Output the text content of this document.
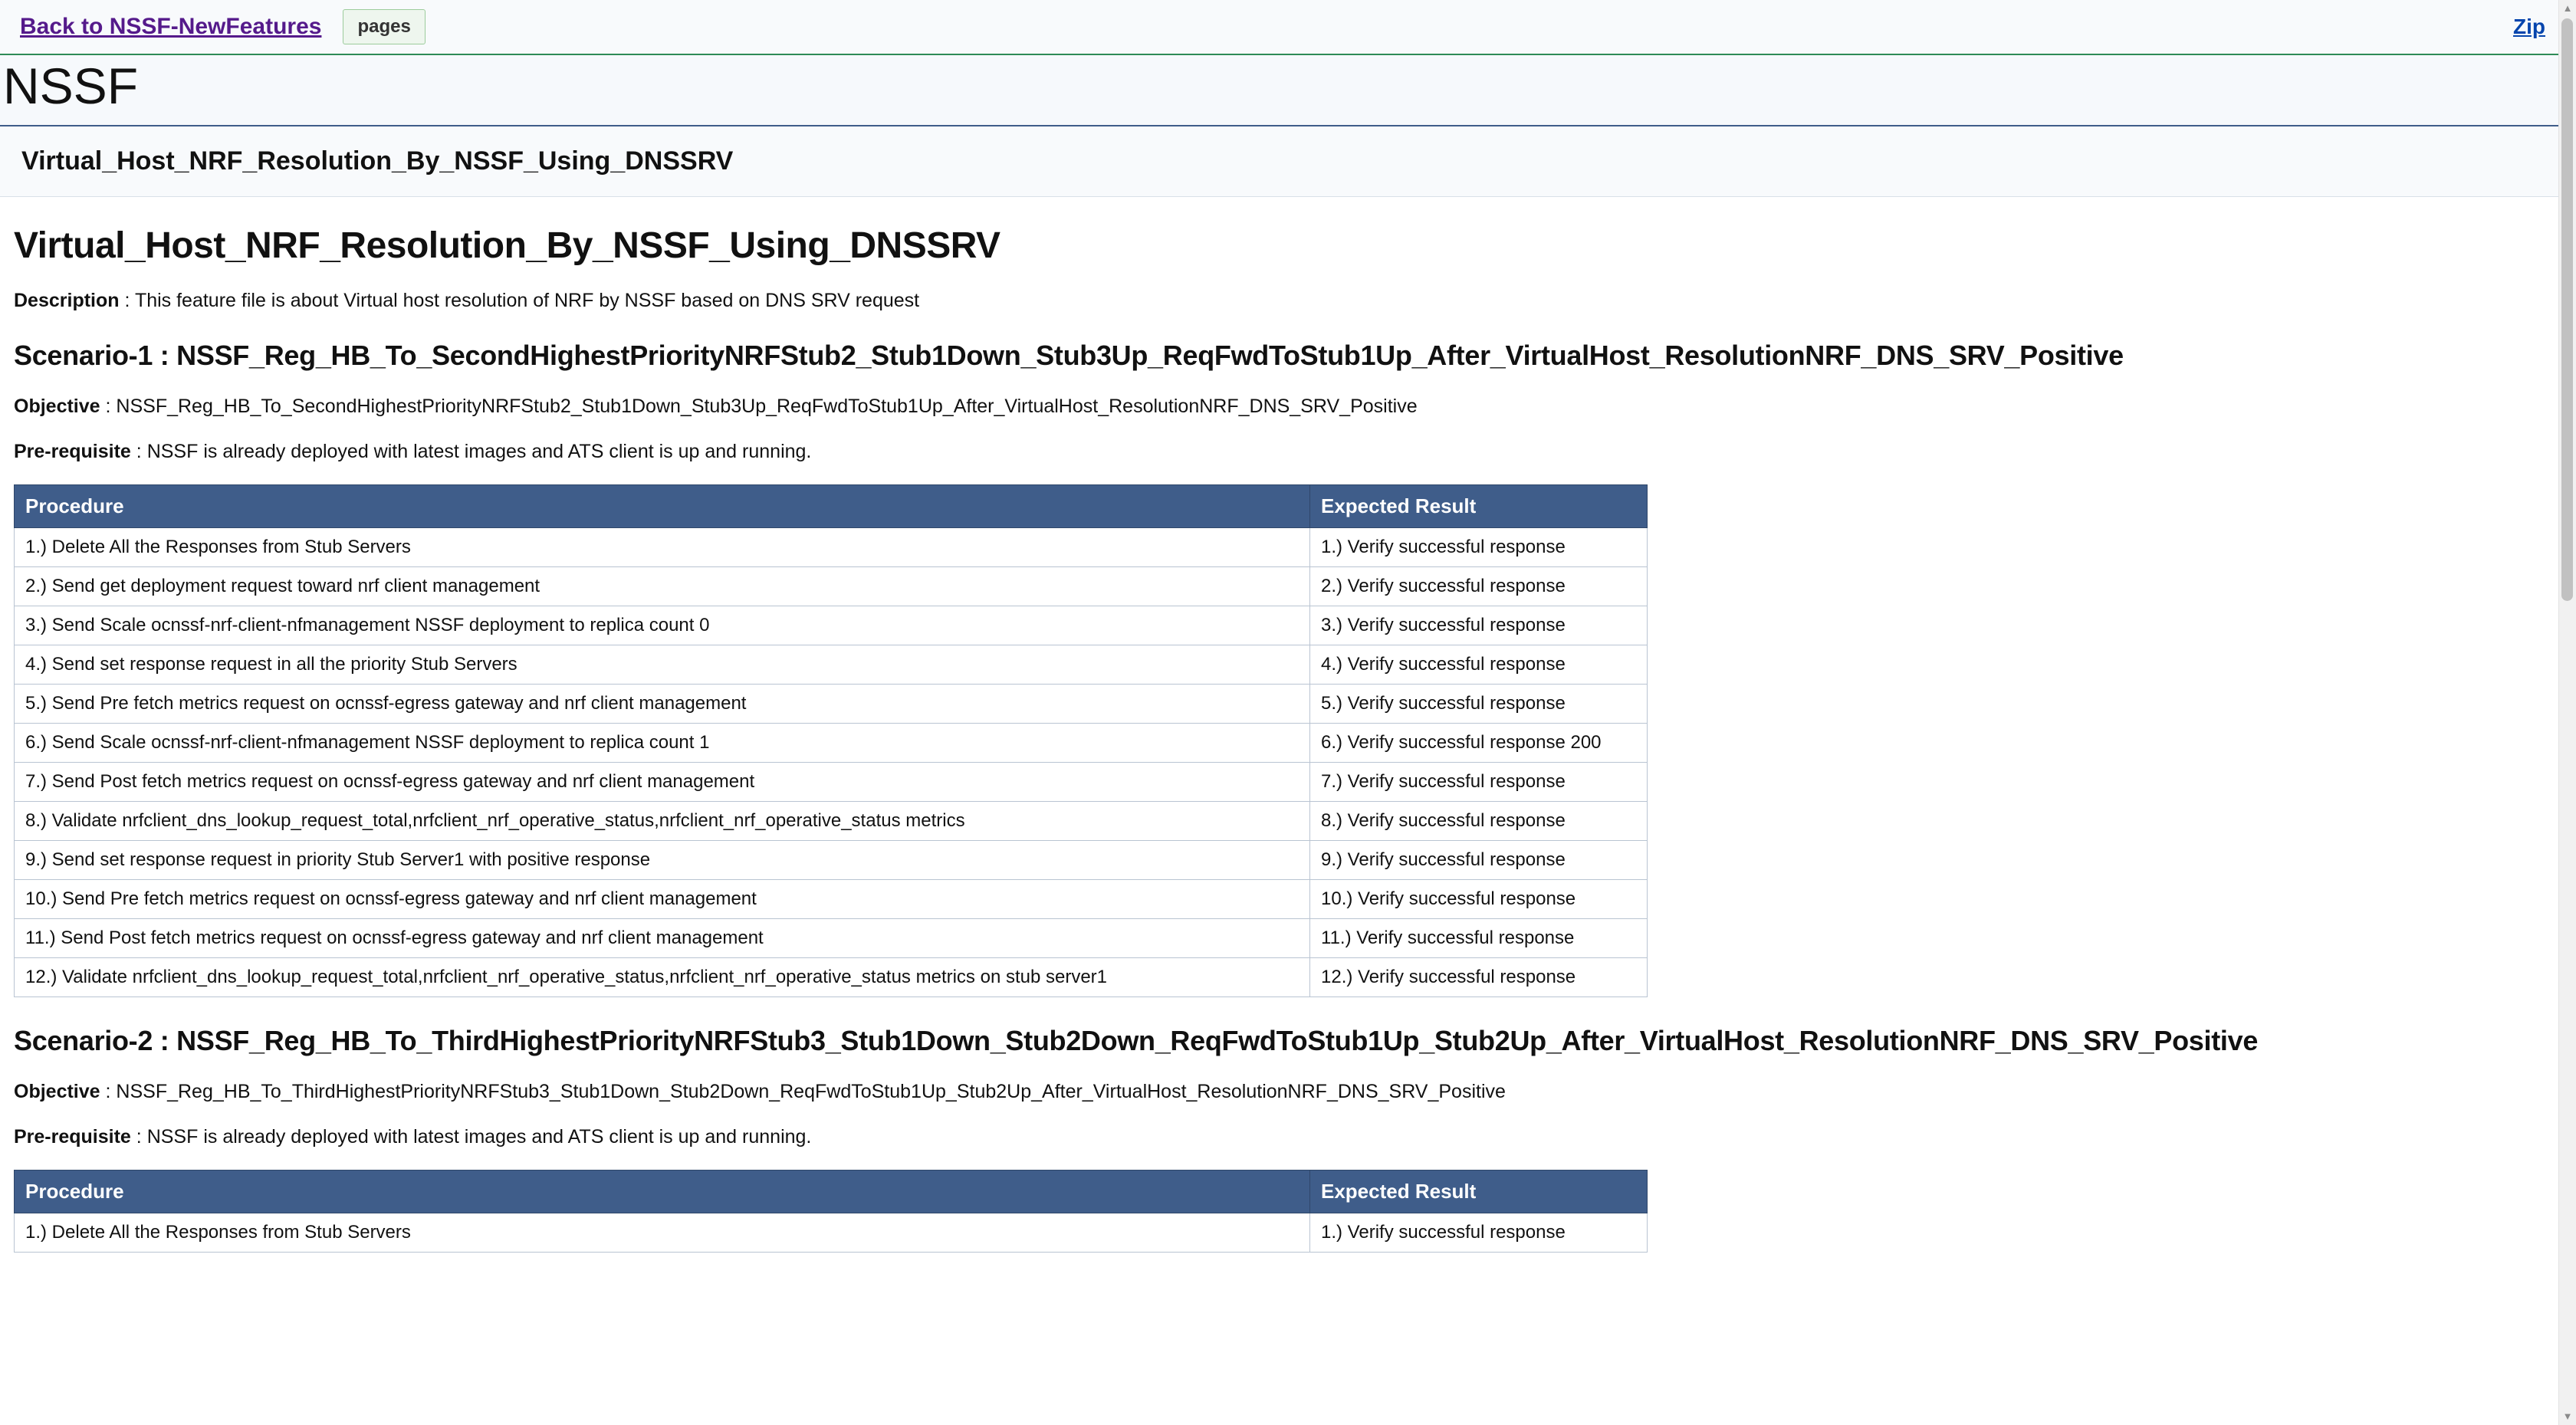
Back to NSSF-NewFeatures	pages	Zip
NSSF
Virtual_Host_NRF_Resolution_By_NSSF_Using_DNSSRV
Virtual_Host_NRF_Resolution_By_NSSF_Using_DNSSRV

Description : This feature file is about Virtual host resolution of NRF by NSSF based on DNS SRV request

Scenario-1 : NSSF_Reg_HB_To_SecondHighestPriorityNRFStub2_Stub1Down_Stub3Up_ReqFwdToStub1Up_After_VirtualHost_ResolutionNRF_DNS_SRV_Positive

Objective : NSSF_Reg_HB_To_SecondHighestPriorityNRFStub2_Stub1Down_Stub3Up_ReqFwdToStub1Up_After_VirtualHost_ResolutionNRF_DNS_SRV_Positive

Pre-requisite : NSSF is already deployed with latest images and ATS client is up and running.

Procedure	Expected Result
1.) Delete All the Responses from Stub Servers	1.) Verify successful response
2.) Send get deployment request toward nrf client management	2.) Verify successful response
3.) Send Scale ocnssf-nrf-client-nfmanagement NSSF deployment to replica count 0	3.) Verify successful response
4.) Send set response request in all the priority Stub Servers	4.) Verify successful response
5.) Send Pre fetch metrics request on ocnssf-egress gateway and nrf client management	5.) Verify successful response
6.) Send Scale ocnssf-nrf-client-nfmanagement NSSF deployment to replica count 1	6.) Verify successful response 200
7.) Send Post fetch metrics request on ocnssf-egress gateway and nrf client management	7.) Verify successful response
8.) Validate nrfclient_dns_lookup_request_total,nrfclient_nrf_operative_status,nrfclient_nrf_operative_status metrics	8.) Verify successful response
9.) Send set response request in priority Stub Server1 with positive response	9.) Verify successful response
10.) Send Pre fetch metrics request on ocnssf-egress gateway and nrf client management	10.) Verify successful response
11.) Send Post fetch metrics request on ocnssf-egress gateway and nrf client management	11.) Verify successful response
12.) Validate nrfclient_dns_lookup_request_total,nrfclient_nrf_operative_status,nrfclient_nrf_operative_status metrics on stub server1	12.) Verify successful response
Scenario-2 : NSSF_Reg_HB_To_ThirdHighestPriorityNRFStub3_Stub1Down_Stub2Down_ReqFwdToStub1Up_Stub2Up_After_VirtualHost_ResolutionNRF_DNS_SRV_Positive

Objective : NSSF_Reg_HB_To_ThirdHighestPriorityNRFStub3_Stub1Down_Stub2Down_ReqFwdToStub1Up_Stub2Up_After_VirtualHost_ResolutionNRF_DNS_SRV_Positive

Pre-requisite : NSSF is already deployed with latest images and ATS client is up and running.

Procedure	Expected Result
1.) Delete All the Responses from Stub Servers	1.) Verify successful response
▲
▼
